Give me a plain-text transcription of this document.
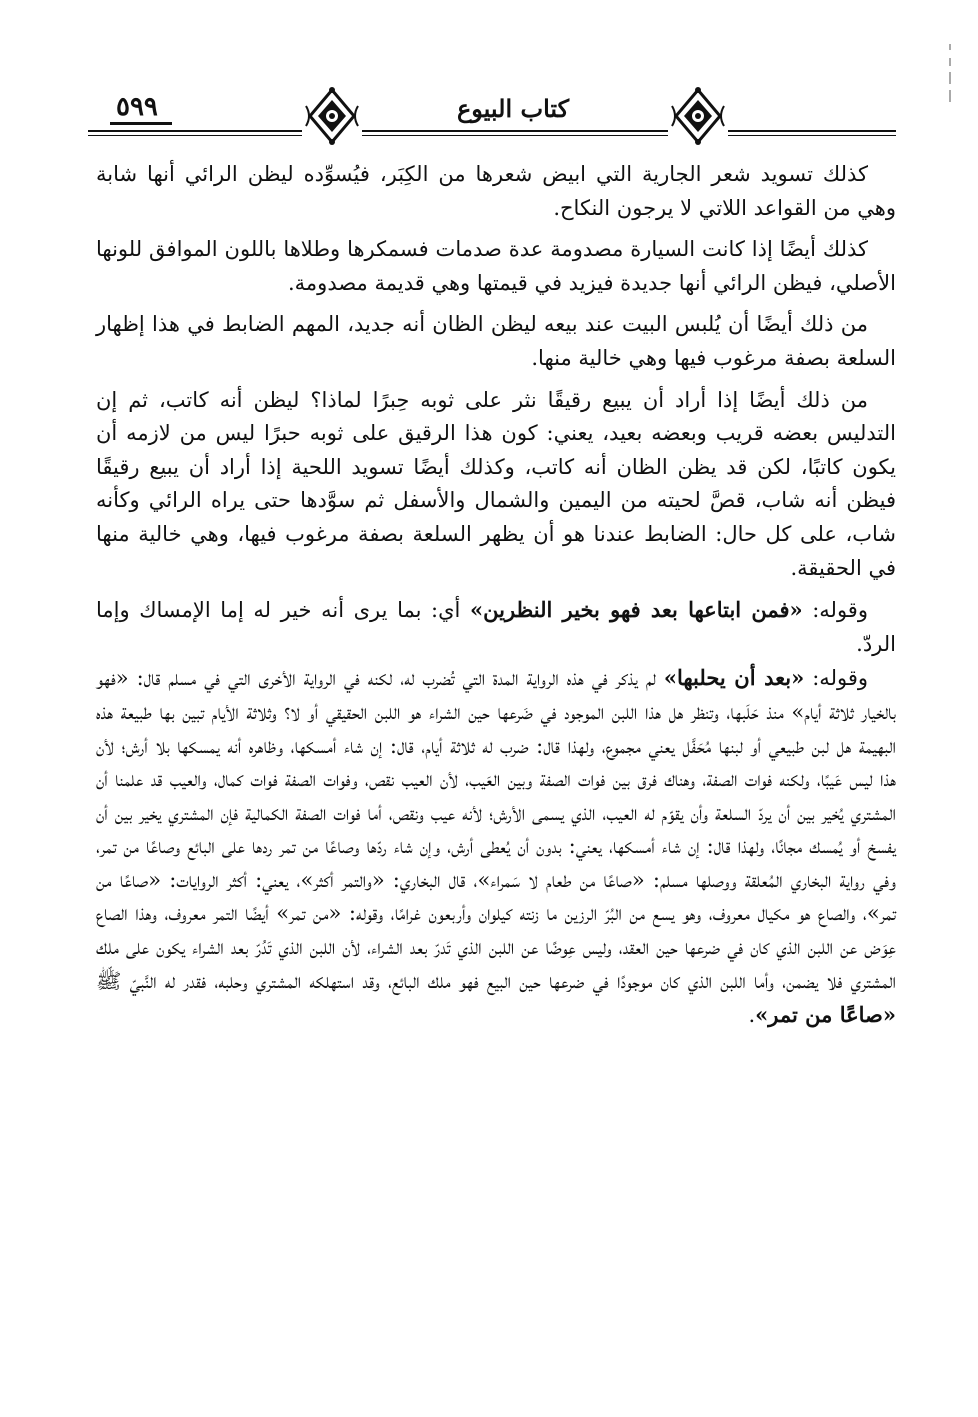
٥٩٩	كتاب البيوع

كذلك تسويد شعر الجارية التي ابيض شعرها من الكِبَر، فيُسوِّده ليظن الرائي أنها شابة وهي من القواعد اللاتي لا يرجون النكاح.

كذلك أيضًا إذا كانت السيارة مصدومة عدة صدمات فسمكرها وطلاها باللون الموافق للونها الأصلي، فيظن الرائي أنها جديدة فيزيد في قيمتها وهي قديمة مصدومة.

من ذلك أيضًا أن يُلبس البيت عند بيعه ليظن الظان أنه جديد، المهم الضابط في هذا إظهار السلعة بصفة مرغوب فيها وهي خالية منها.

من ذلك أيضًا إذا أراد أن يبيع رقيقًا نثر على ثوبه حِبرًا لماذا؟ ليظن أنه كاتب، ثم إن التدليس بعضه قريب وبعضه بعيد، يعني: كون هذا الرقيق على ثوبه حبرًا ليس من لازمه أن يكون كاتبًا، لكن قد يظن الظان أنه كاتب، وكذلك أيضًا تسويد اللحية إذا أراد أن يبيع رقيقًا فيظن أنه شاب، قصَّ لحيته من اليمين والشمال والأسفل ثم سوَّدها حتى يراه الرائي وكأنه شاب، على كل حال: الضابط عندنا هو أن يظهر السلعة بصفة مرغوب فيها، وهي خالية منها في الحقيقة.

وقوله: «فمن ابتاعها بعد فهو بخير النظرين» أي: بما يرى أنه خير له إما الإمساك وإما الردّ.

وقوله: «بعد أن يحلبها» لم يذكر في هذه الرواية المدة التي تُضرب له، لكنه في الرواية الأخرى التي في مسلم قال: «فهو بالخيار ثلاثة أيام» منذ حَلَبها، وتنظر هل هذا اللبن الموجود في ضَرعها حين الشراء هو اللبن الحقيقي أو لا؟ وثلاثة الأيام تبين بها طبيعة هذه البهيمة هل لبن طبيعي أو لبنها مُحَفَّل يعني مجموع، ولهذا قال: ضرب له ثلاثة أيام، قال: إن شاء أمسكها، وظاهره أنه يمسكها بلا أرش؛ لأن هذا ليس عَيبًا، ولكنه فوات الصفة، وهناك فرق بين فوات الصفة وبين العَيب، لأن العيب نقص، وفوات الصفة فوات كمال، والعيب قد علمنا أن المشتري يُخير بين أن يردّ السلعة وأن يقوّم له العيب، الذي يسمى الأرش؛ لأنه عيب ونقص، أما فوات الصفة الكمالية فإن المشتري يخير بين أن يفسخ أو يُمسك مجانًا، ولهذا قال: إن شاء أمسكها، يعني: بدون أن يُعطى أرش، وإن شاء ردّها وصاعًا من تمر ردها على البائع وصاعًا من تمر، وفي رواية البخاري المُعلقة ووصلها مسلم: «صاعًا من طعام لا سَمراء»، قال البخاري: «والتمر أكثر»، يعني: أكثر الروايات: «صاعًا من تمر»، والصاع هو مكيال معروف، وهو يسع من البُرّ الرزين ما زنته كيلوان وأربعون غرامًا، وقوله: «من تمر» أيضًا التمر معروف، وهذا الصاع عِوَض عن اللبن الذي كان في ضرعها حين العقد، وليس عِوضًا عن اللبن الذي تَدرّ بعد الشراء، لأن اللبن الذي تَدُرّ بعد الشراء يكون على ملك المشتري فلا يضمن، وأما اللبن الذي كان موجودًا في ضرعها حين البيع فهو ملك البائع، وقد استهلكه المشتري وحلبه، فقدر له النَّبيّ ﷺ «صاعًا من تمر».
